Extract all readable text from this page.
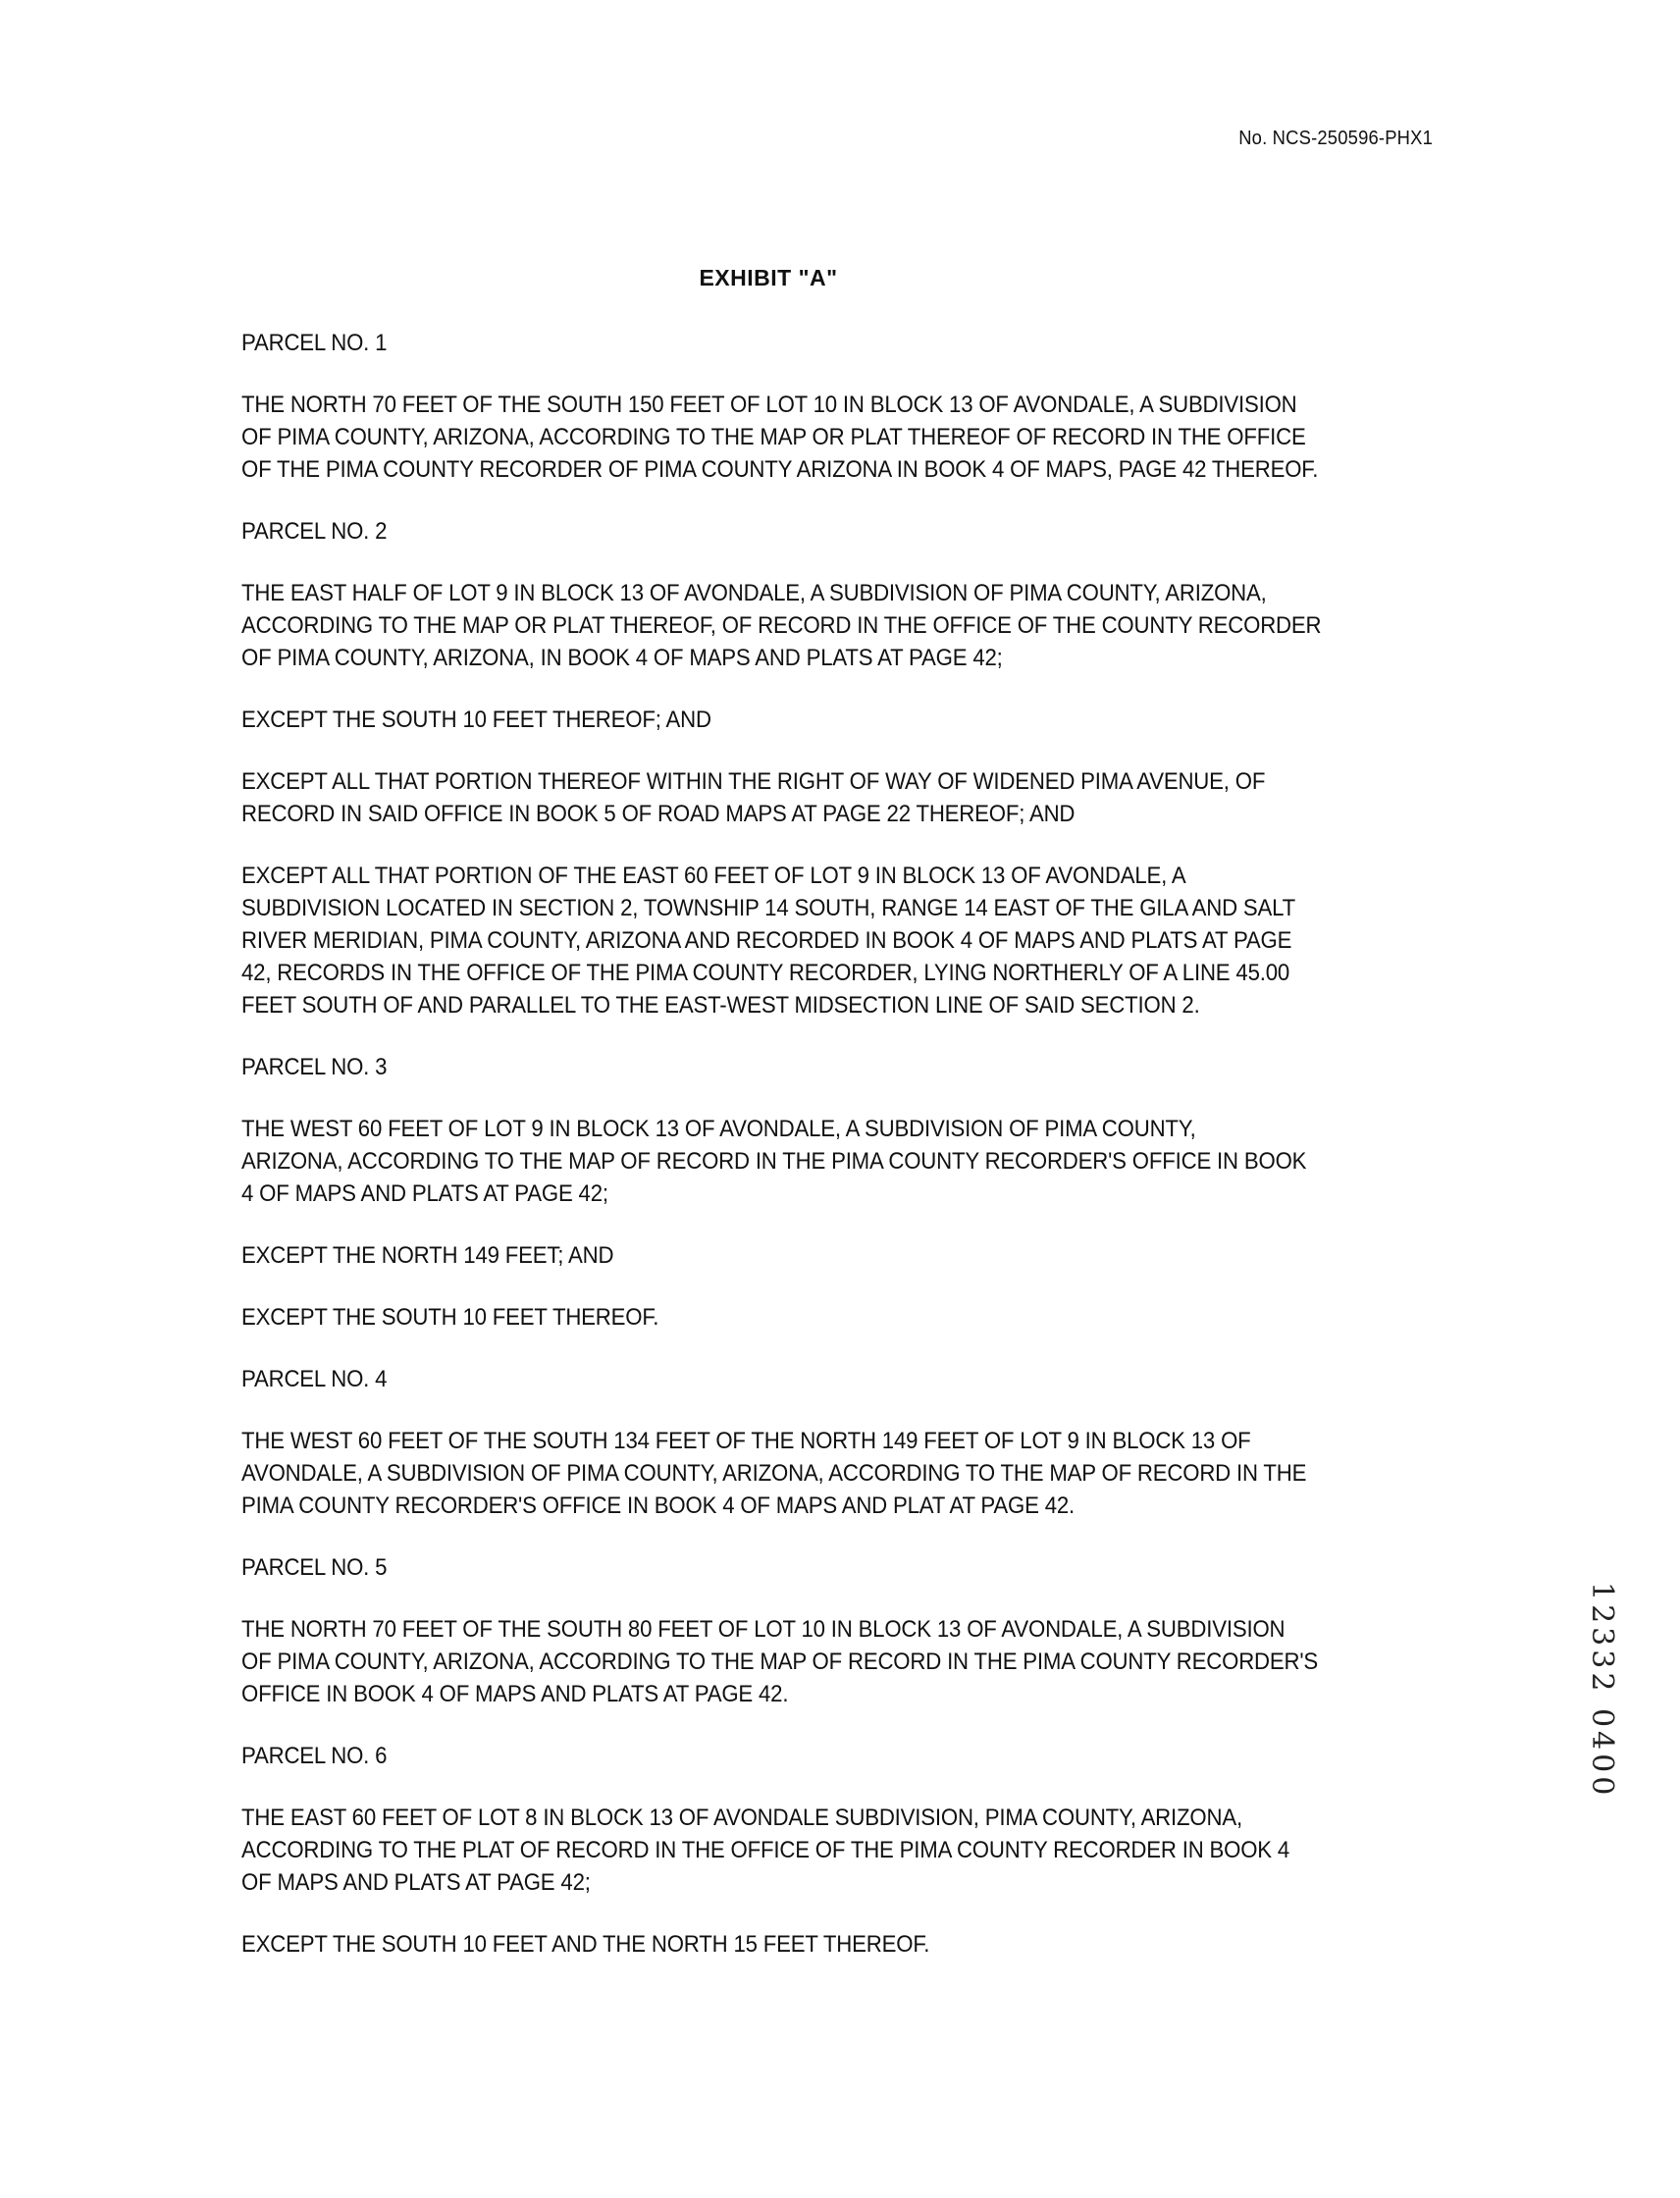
No. NCS-250596-PHX1
EXHIBIT "A"

PARCEL NO. 1

THE NORTH 70 FEET OF THE SOUTH 150 FEET OF LOT 10 IN BLOCK 13 OF AVONDALE, A SUBDIVISION
OF PIMA COUNTY, ARIZONA, ACCORDING TO THE MAP OR PLAT THEREOF OF RECORD IN THE OFFICE
OF THE PIMA COUNTY RECORDER OF PIMA COUNTY ARIZONA IN BOOK 4 OF MAPS, PAGE 42 THEREOF.

PARCEL NO. 2

THE EAST HALF OF LOT 9 IN BLOCK 13 OF AVONDALE, A SUBDIVISION OF PIMA COUNTY, ARIZONA,
ACCORDING TO THE MAP OR PLAT THEREOF, OF RECORD IN THE OFFICE OF THE COUNTY RECORDER
OF PIMA COUNTY, ARIZONA, IN BOOK 4 OF MAPS AND PLATS AT PAGE 42;

EXCEPT THE SOUTH 10 FEET THEREOF; AND

EXCEPT ALL THAT PORTION THEREOF WITHIN THE RIGHT OF WAY OF WIDENED PIMA AVENUE, OF
RECORD IN SAID OFFICE IN BOOK 5 OF ROAD MAPS AT PAGE 22 THEREOF; AND

EXCEPT ALL THAT PORTION OF THE EAST 60 FEET OF LOT 9 IN BLOCK 13 OF AVONDALE, A
SUBDIVISION LOCATED IN SECTION 2, TOWNSHIP 14 SOUTH, RANGE 14 EAST OF THE GILA AND SALT
RIVER MERIDIAN, PIMA COUNTY, ARIZONA AND RECORDED IN BOOK 4 OF MAPS AND PLATS AT PAGE
42, RECORDS IN THE OFFICE OF THE PIMA COUNTY RECORDER, LYING NORTHERLY OF A LINE 45.00
FEET SOUTH OF AND PARALLEL TO THE EAST-WEST MIDSECTION LINE OF SAID SECTION 2.

PARCEL NO. 3

THE WEST 60 FEET OF LOT 9 IN BLOCK 13 OF AVONDALE, A SUBDIVISION OF PIMA COUNTY,
ARIZONA, ACCORDING TO THE MAP OF RECORD IN THE PIMA COUNTY RECORDER'S OFFICE IN BOOK
4 OF MAPS AND PLATS AT PAGE 42;

EXCEPT THE NORTH 149 FEET; AND

EXCEPT THE SOUTH 10 FEET THEREOF.

PARCEL NO. 4

THE WEST 60 FEET OF THE SOUTH 134 FEET OF THE NORTH 149 FEET OF LOT 9 IN BLOCK 13 OF
AVONDALE, A SUBDIVISION OF PIMA COUNTY, ARIZONA, ACCORDING TO THE MAP OF RECORD IN THE
PIMA COUNTY RECORDER'S OFFICE IN BOOK 4 OF MAPS AND PLAT AT PAGE 42.

PARCEL NO. 5

THE NORTH 70 FEET OF THE SOUTH 80 FEET OF LOT 10 IN BLOCK 13 OF AVONDALE, A SUBDIVISION
OF PIMA COUNTY, ARIZONA, ACCORDING TO THE MAP OF RECORD IN THE PIMA COUNTY RECORDER'S
OFFICE IN BOOK 4 OF MAPS AND PLATS AT PAGE 42.

PARCEL NO. 6

THE EAST 60 FEET OF LOT 8 IN BLOCK 13 OF AVONDALE SUBDIVISION, PIMA COUNTY, ARIZONA,
ACCORDING TO THE PLAT OF RECORD IN THE OFFICE OF THE PIMA COUNTY RECORDER IN BOOK 4
OF MAPS AND PLATS AT PAGE 42;

EXCEPT THE SOUTH 10 FEET AND THE NORTH 15 FEET THEREOF.

12332 0400
